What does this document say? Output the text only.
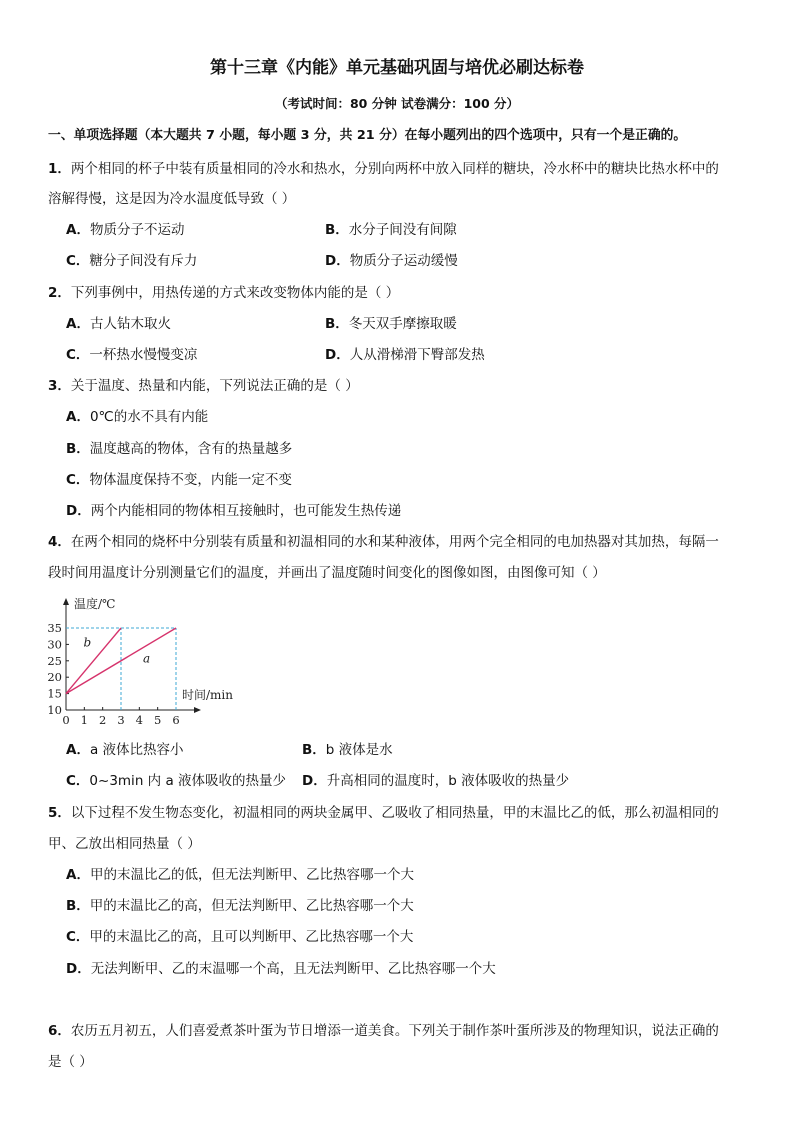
第十三章《内能》单元基础巩固与培优必刷达标卷
（考试时间：80 分钟 试卷满分：100 分）
一、单项选择题（本大题共 7 小题，每小题 3 分，共 21 分）在每小题列出的四个选项中，只有一个是正确的。
1．两个相同的杯子中装有质量相同的冷水和热水，分别向两杯中放入同样的糖块，冷水杯中的糖块比热水杯中的
溶解得慢，这是因为冷水温度低导致（ ）
A．物质分子不运动	B．水分子间没有间隙
C．糖分子间没有斥力	D．物质分子运动缓慢
2．下列事例中，用热传递的方式来改变物体内能的是（ ）
A．古人钻木取火	B．冬天双手摩擦取暖
C．一杯热水慢慢变凉	D．人从滑梯滑下臀部发热
3．关于温度、热量和内能，下列说法正确的是（ ）
A．0℃的水不具有内能
B．温度越高的物体，含有的热量越多
C．物体温度保持不变，内能一定不变
D．两个内能相同的物体相互接触时，也可能发生热传递
4．在两个相同的烧杯中分别装有质量和初温相同的水和某种液体，用两个完全相同的电加热器对其加热，每隔一
段时间用温度计分别测量它们的温度，并画出了温度随时间变化的图像如图，由图像可知（ ）
温度/℃
时间/min
10
15
20
25
30
35
0 1 2 3 4 5 6
b
a
A．a 液体比热容小	B．b 液体是水
C．0~3min 内 a 液体吸收的热量少 D．升高相同的温度时，b 液体吸收的热量少
5．以下过程不发生物态变化，初温相同的两块金属甲、乙吸收了相同热量，甲的末温比乙的低，那么初温相同的
甲、乙放出相同热量（ ）
A．甲的末温比乙的低，但无法判断甲、乙比热容哪一个大
B．甲的末温比乙的高，但无法判断甲、乙比热容哪一个大
C．甲的末温比乙的高，且可以判断甲、乙比热容哪一个大
D．无法判断甲、乙的末温哪一个高，且无法判断甲、乙比热容哪一个大
6．农历五月初五，人们喜爱煮茶叶蛋为节日增添一道美食。下列关于制作茶叶蛋所涉及的物理知识，说法正确的
是（ ）
